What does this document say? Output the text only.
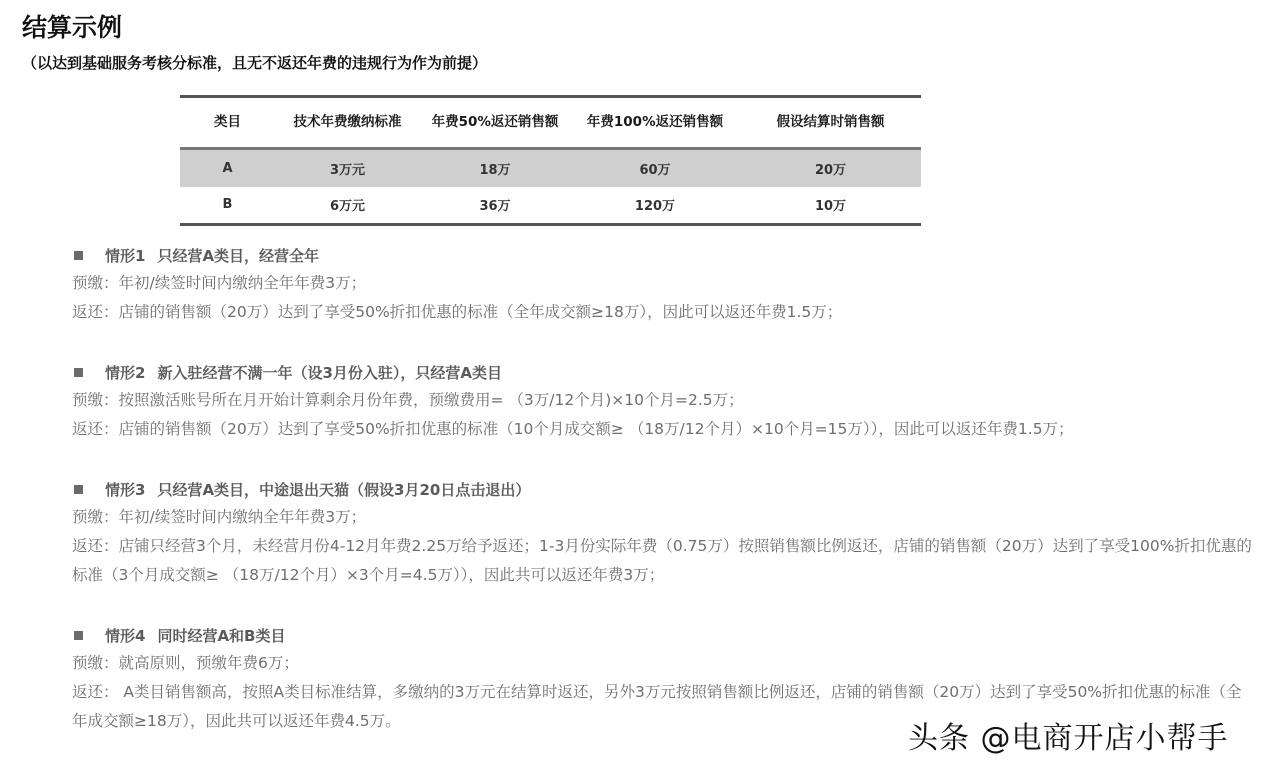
结算示例
（以达到基础服务考核分标准，且无不返还年费的违规行为作为前提）
类目	技术年费缴纳标准	年费50%返还销售额	年费100%返还销售额	假设结算时销售额
A	3万元	18万	60万	20万
B	6万元	36万	120万	10万
情形1 只经营A类目，经营全年
预缴：年初/续签时间内缴纳全年年费3万；
返还：店铺的销售额（20万）达到了享受50%折扣优惠的标准（全年成交额≥18万），因此可以返还年费1.5万；
情形2 新入驻经营不满一年（设3月份入驻），只经营A类目
预缴：按照激活账号所在月开始计算剩余月份年费，预缴费用= （3万/12个月)×10个月=2.5万；
返还：店铺的销售额（20万）达到了享受50%折扣优惠的标准（10个月成交额≥ （18万/12个月）×10个月=15万）），因此可以返还年费1.5万；
情形3 只经营A类目，中途退出天猫（假设3月20日点击退出）
预缴：年初/续签时间内缴纳全年年费3万；
返还：店铺只经营3个月，未经营月份4-12月年费2.25万给予返还；1-3月份实际年费（0.75万）按照销售额比例返还，店铺的销售额（20万）达到了享受100%折扣优惠的标准（3个月成交额≥ （18万/12个月）×3个月=4.5万）），因此共可以返还年费3万；
情形4 同时经营A和B类目
预缴：就高原则，预缴年费6万；
返还： A类目销售额高，按照A类目标准结算，多缴纳的3万元在结算时返还，另外3万元按照销售额比例返还，店铺的销售额（20万）达到了享受50%折扣优惠的标准（全年成交额≥18万），因此共可以返还年费4.5万。	头条 @电商开店小帮手
